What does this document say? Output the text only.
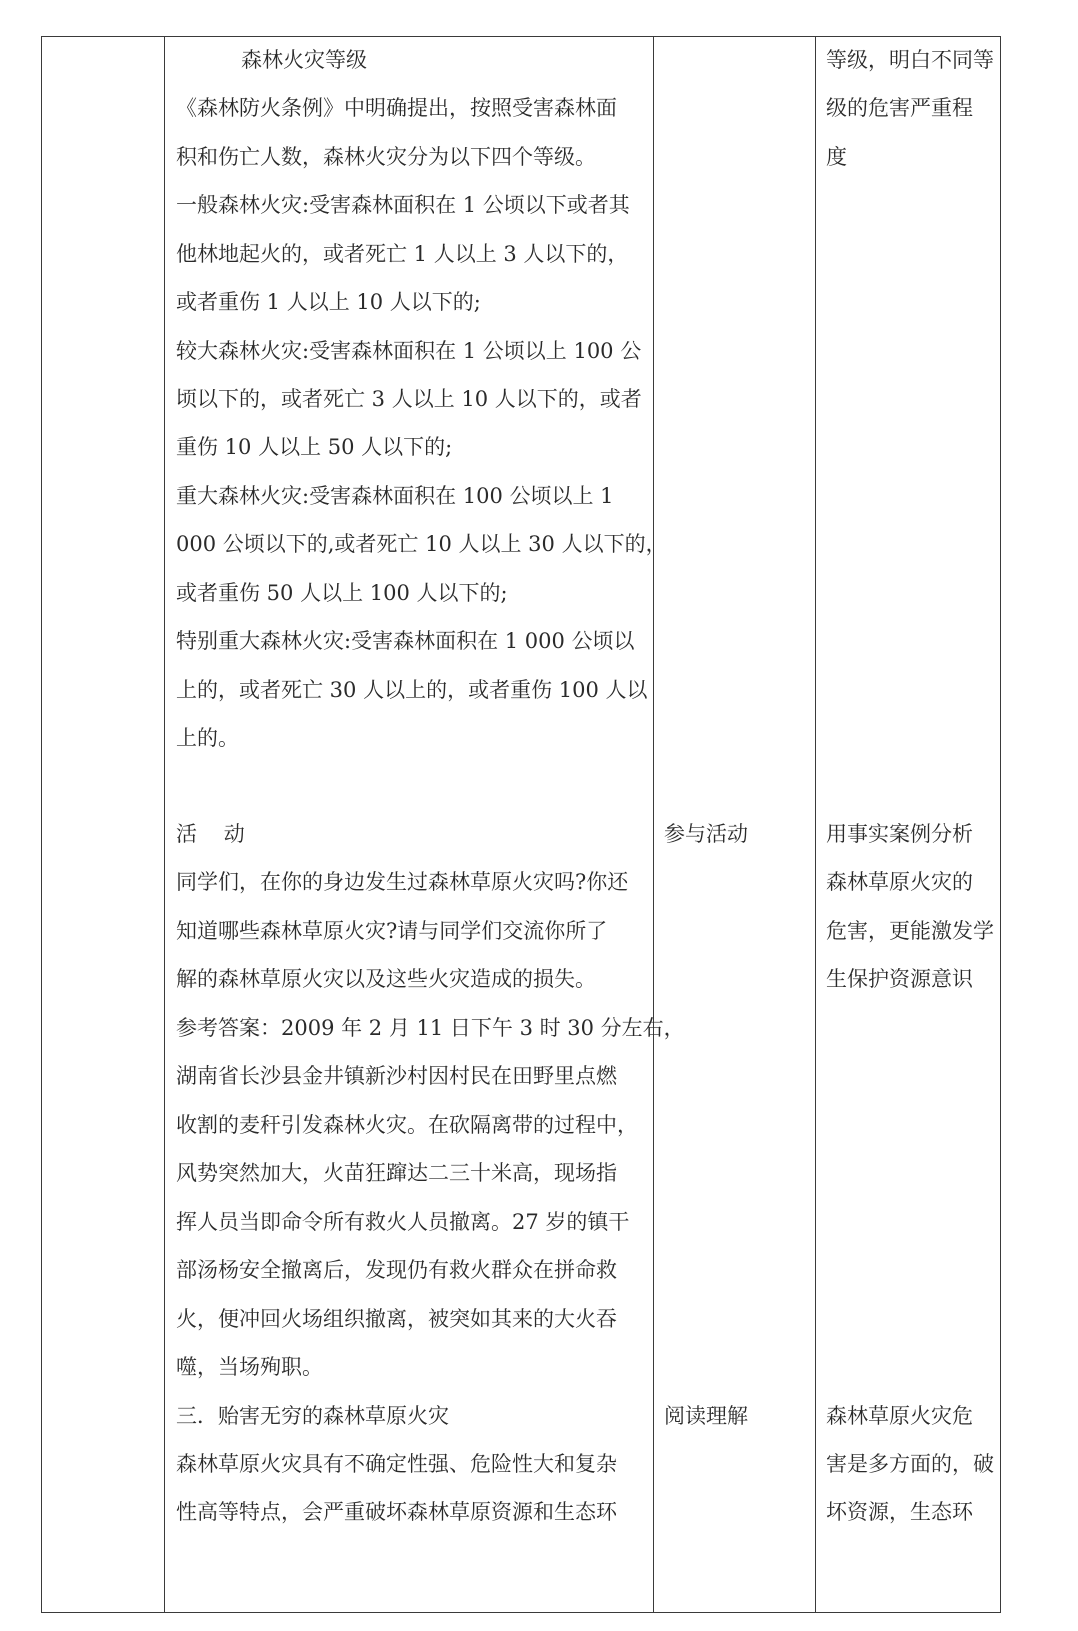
森林火灾等级
《森林防火条例》中明确提出，按照受害森林面
积和伤亡人数，森林火灾分为以下四个等级。
一般森林火灾:受害森林面积在 1 公顷以下或者其
他林地起火的，或者死亡 1 人以上 3 人以下的，
或者重伤 1 人以上 10 人以下的;
较大森林火灾:受害森林面积在 1 公顷以上 100 公
顷以下的，或者死亡 3 人以上 10 人以下的，或者
重伤 10 人以上 50 人以下的;
重大森林火灾:受害森林面积在 100 公顷以上 1
000 公顷以下的,或者死亡 10 人以上 30 人以下的，
或者重伤 50 人以上 100 人以下的;
特别重大森林火灾:受害森林面积在 1 000 公顷以
上的，或者死亡 30 人以上的，或者重伤 100 人以
上的。
活    动
同学们，在你的身边发生过森林草原火灾吗?你还
知道哪些森林草原火灾?请与同学们交流你所了
解的森林草原火灾以及这些火灾造成的损失。
参考答案：2009 年 2 月 11 日下午 3 时 30 分左右，
湖南省长沙县金井镇新沙村因村民在田野里点燃
收割的麦秆引发森林火灾。在砍隔离带的过程中，
风势突然加大，火苗狂蹿达二三十米高，现场指
挥人员当即命令所有救火人员撤离。27 岁的镇干
部汤杨安全撤离后，发现仍有救火群众在拼命救
火，便冲回火场组织撤离，被突如其来的大火吞
噬，当场殉职。
三．贻害无穷的森林草原火灾
森林草原火灾具有不确定性强、危险性大和复杂
性高等特点，会严重破坏森林草原资源和生态环
参与活动
阅读理解
等级，明白不同等
级的危害严重程
度
用事实案例分析
森林草原火灾的
危害，更能激发学
生保护资源意识
森林草原火灾危
害是多方面的，破
坏资源，生态环
